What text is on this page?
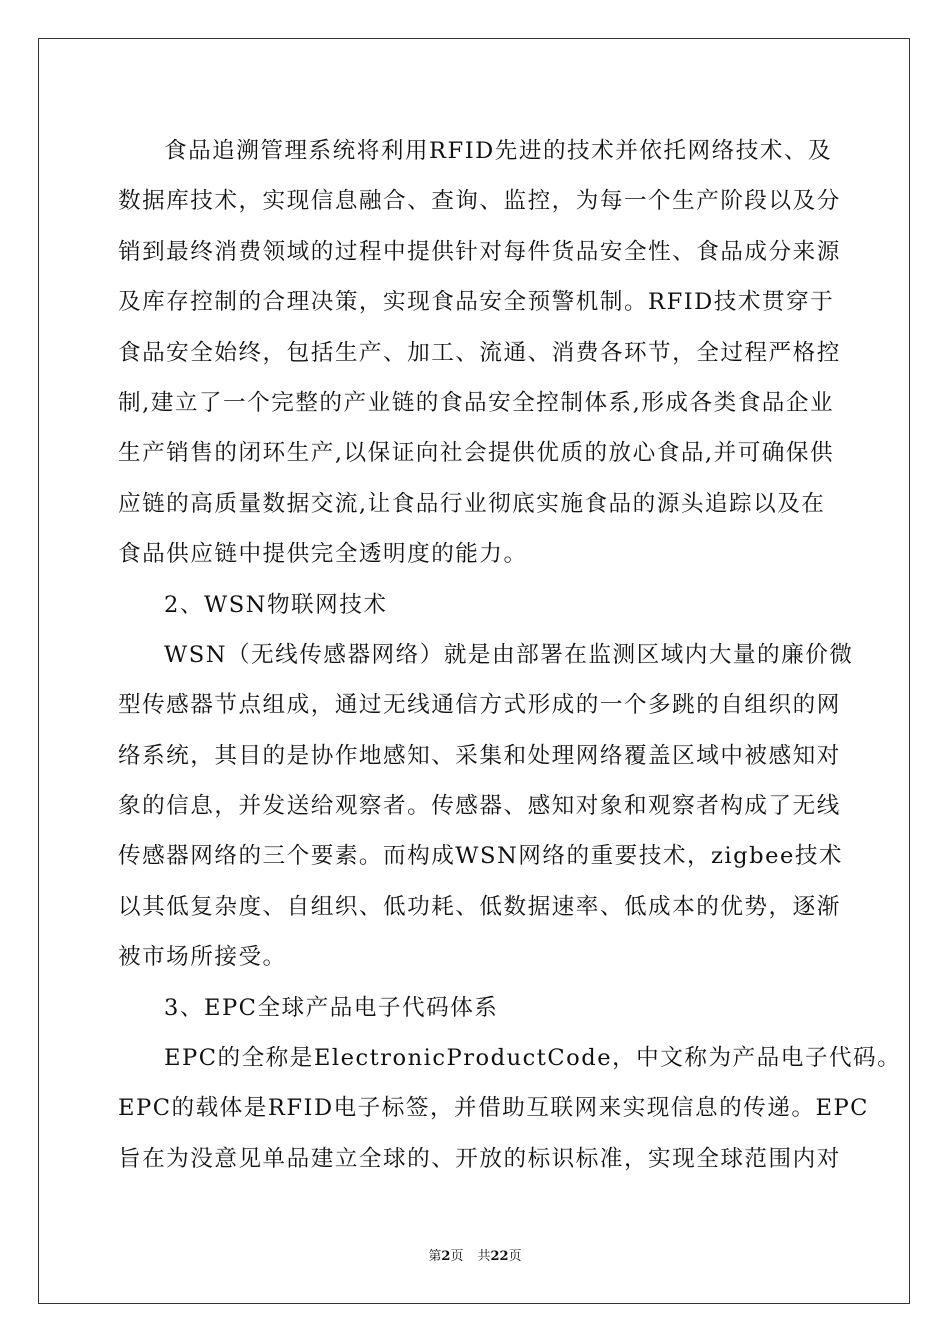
食品追溯管理系统将利用RFID先进的技术并依托网络技术、及
数据库技术，实现信息融合、查询、监控，为每一个生产阶段以及分
销到最终消费领域的过程中提供针对每件货品安全性、食品成分来源
及库存控制的合理决策，实现食品安全预警机制。RFID技术贯穿于
食品安全始终，包括生产、加工、流通、消费各环节，全过程严格控
制,建立了一个完整的产业链的食品安全控制体系,形成各类食品企业
生产销售的闭环生产,以保证向社会提供优质的放心食品,并可确保供
应链的高质量数据交流,让食品行业彻底实施食品的源头追踪以及在
食品供应链中提供完全透明度的能力。
2、WSN物联网技术
WSN（无线传感器网络）就是由部署在监测区域内大量的廉价微
型传感器节点组成，通过无线通信方式形成的一个多跳的自组织的网
络系统，其目的是协作地感知、采集和处理网络覆盖区域中被感知对
象的信息，并发送给观察者。传感器、感知对象和观察者构成了无线
传感器网络的三个要素。而构成WSN网络的重要技术，zigbee技术
以其低复杂度、自组织、低功耗、低数据速率、低成本的优势，逐渐
被市场所接受。
3、EPC全球产品电子代码体系
EPC的全称是ElectronicProductCode，中文称为产品电子代码。
EPC的载体是RFID电子标签，并借助互联网来实现信息的传递。EPC
旨在为没意见单品建立全球的、开放的标识标准，实现全球范围内对
第2页 共22页
